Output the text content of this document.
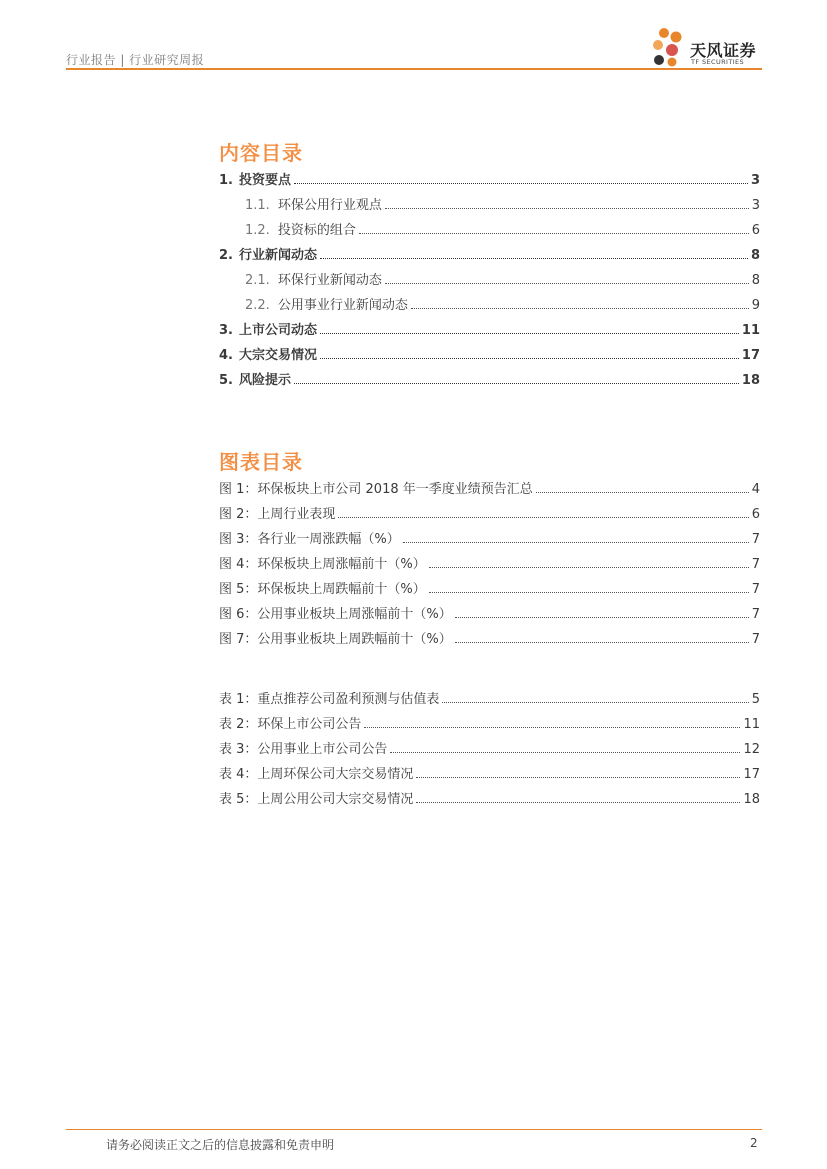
行业报告 | 行业研究周报	天风证券
TF SECURITIES
内容目录
1. 投资要点	3
1.1. 环保公用行业观点	3
1.2. 投资标的组合	6
2. 行业新闻动态	8
2.1. 环保行业新闻动态	8
2.2. 公用事业行业新闻动态	9
3. 上市公司动态	11
4. 大宗交易情况	17
5. 风险提示	18
图表目录
图 1：环保板块上市公司 2018 年一季度业绩预告汇总	4
图 2：上周行业表现	6
图 3：各行业一周涨跌幅（%）	7
图 4：环保板块上周涨幅前十（%）	7
图 5：环保板块上周跌幅前十（%）	7
图 6：公用事业板块上周涨幅前十（%）	7
图 7：公用事业板块上周跌幅前十（%）	7
表 1：重点推荐公司盈利预测与估值表	5
表 2：环保上市公司公告	11
表 3：公用事业上市公司公告	12
表 4：上周环保公司大宗交易情况	17
表 5：上周公用公司大宗交易情况	18
请务必阅读正文之后的信息披露和免责申明	2
